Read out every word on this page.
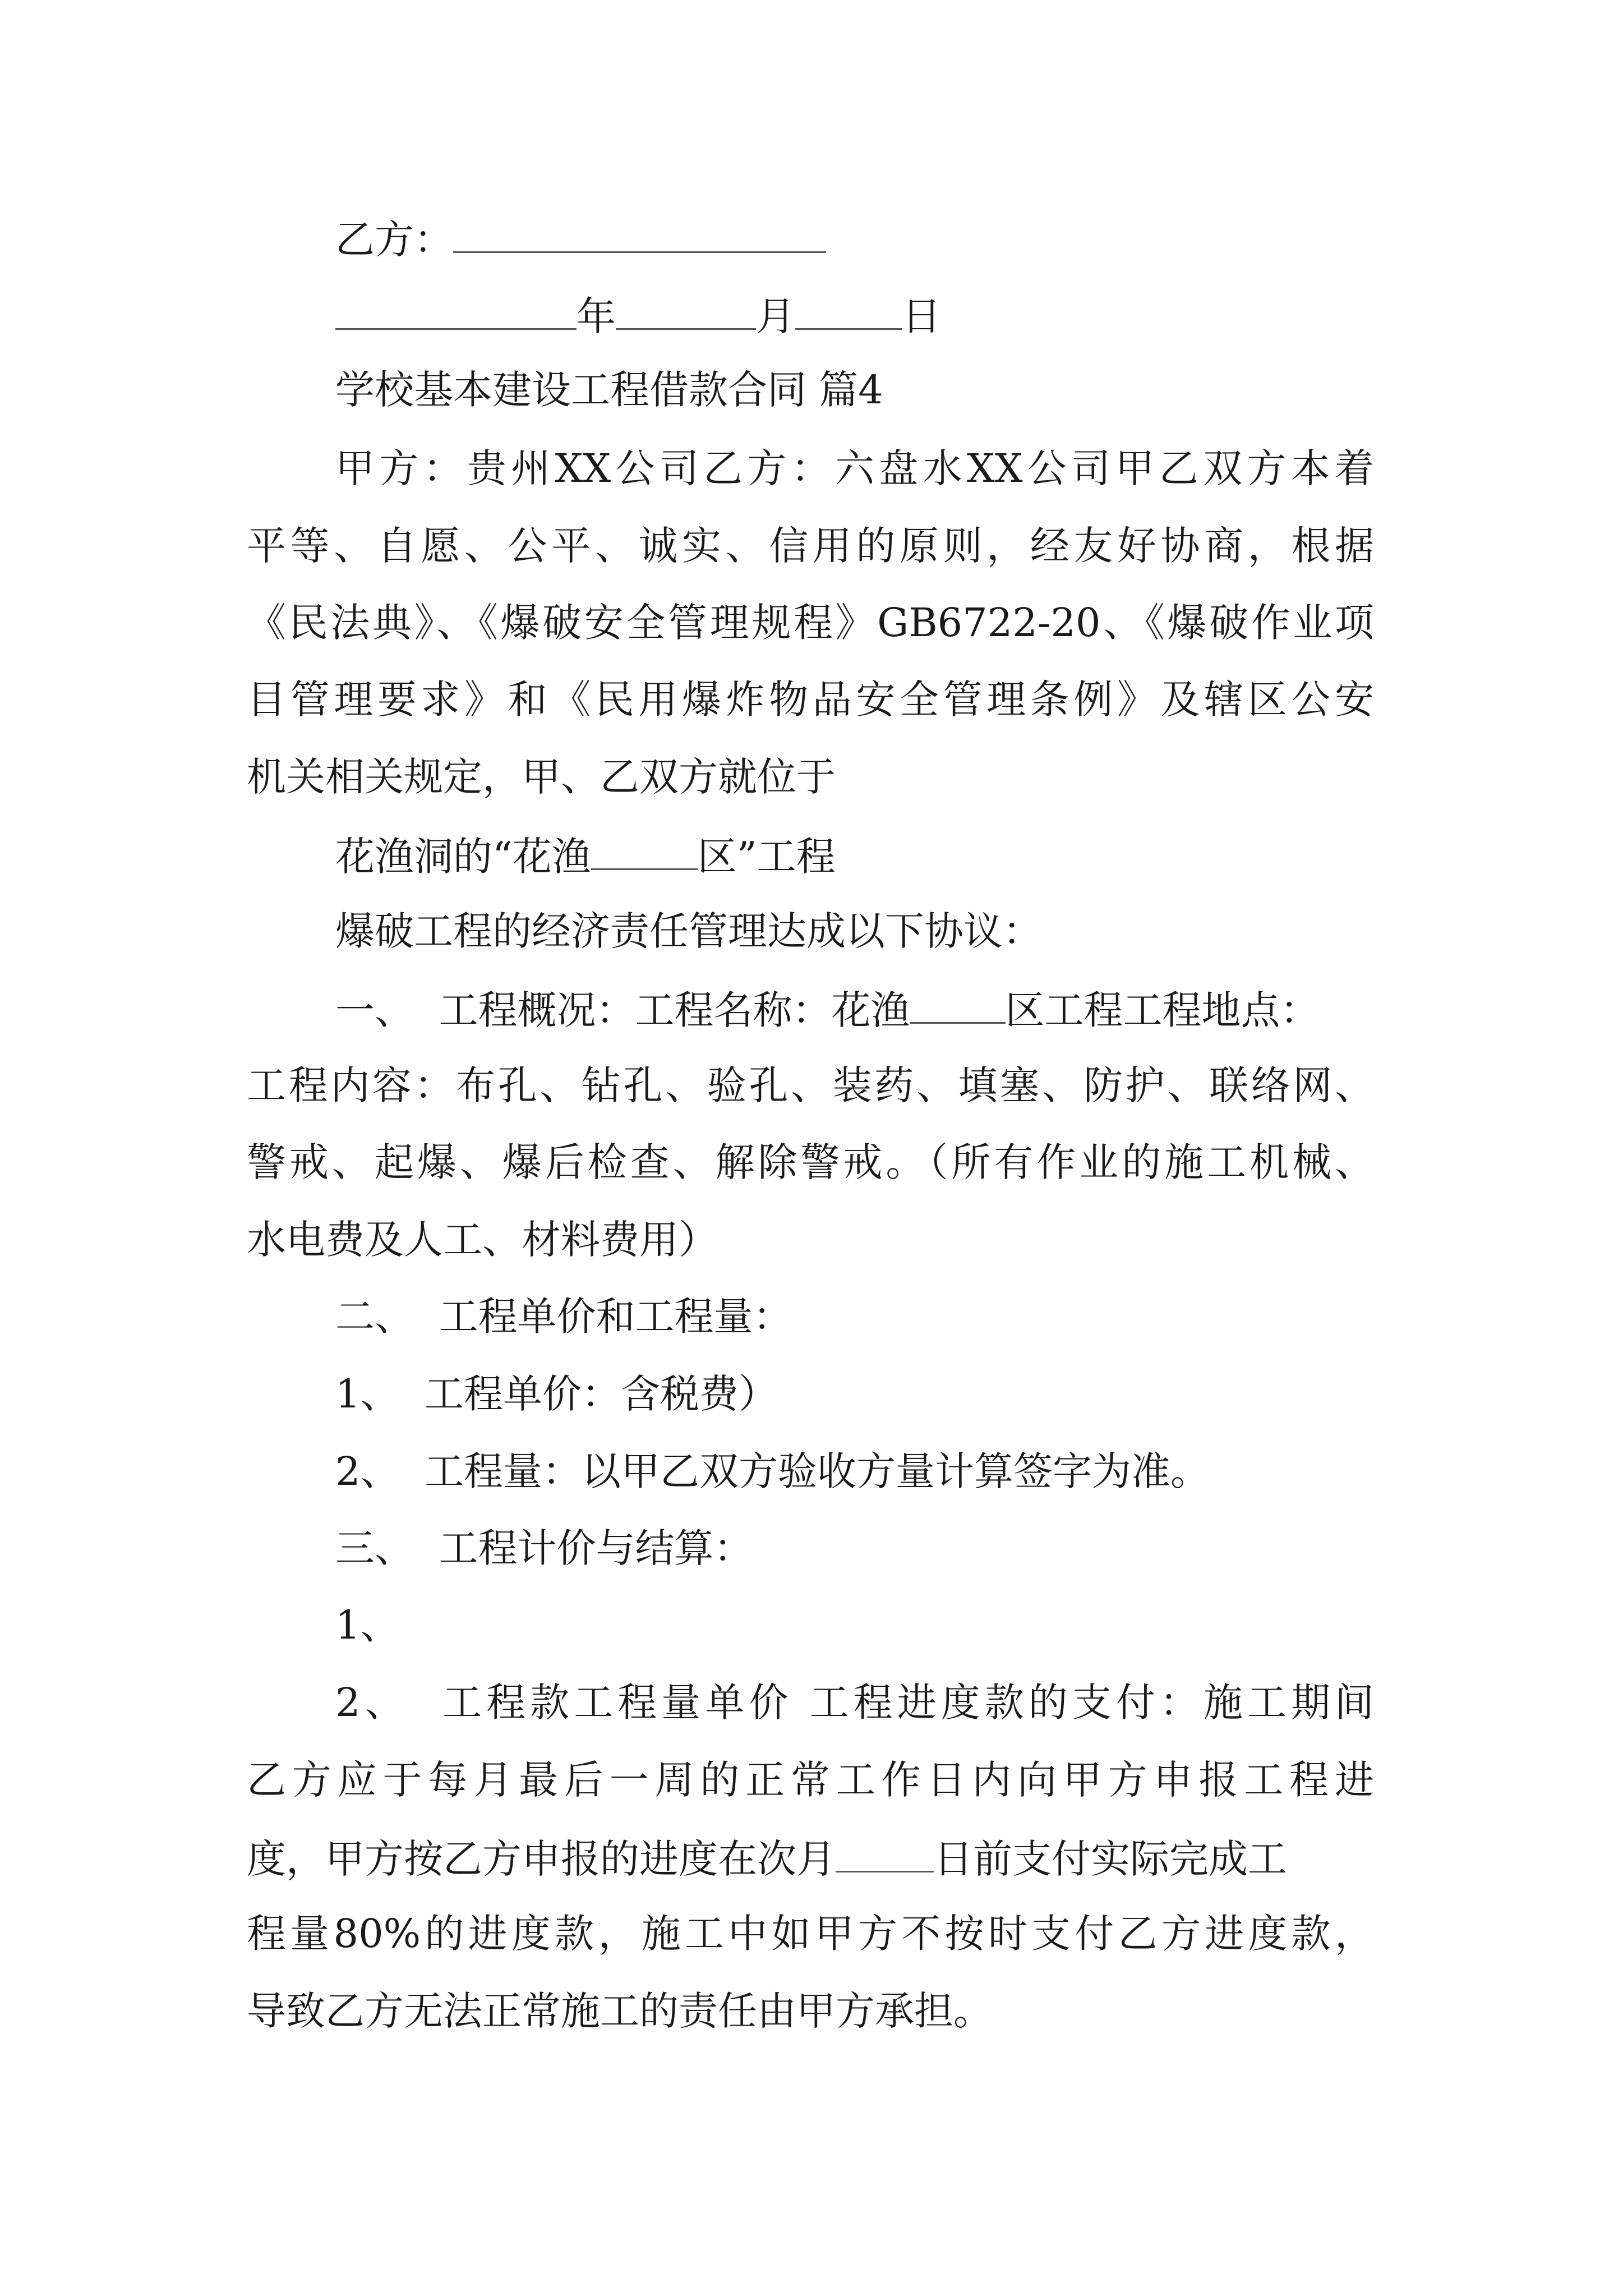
乙方：

年	月	日

学校基本建设工程借款合同 篇4

甲方：贵州XX公司乙方：六盘水XX公司甲乙双方本着

平等、自愿、公平、诚实、信用的原则，经友好协商，根据

《民法典》、《爆破安全管理规程》GB6722-20、《爆破作业项

目管理要求》和《民用爆炸物品安全管理条例》及辖区公安

机关相关规定，甲、乙双方就位于

花渔洞的“花渔	区”工程

爆破工程的经济责任管理达成以下协议：

一、  工程概况：工程名称：花渔 区工程工程地点：

工程内容：布孔、钻孔、验孔、装药、填塞、防护、联络网、

警戒、起爆、爆后检查、解除警戒。（所有作业的施工机械、

水电费及人工、材料费用）

二、  工程单价和工程量：

1、  工程单价：含税费）

2、  工程量：以甲乙双方验收方量计算签字为准。

三、  工程计价与结算：

1、

2、  工程款工程量单价 工程进度款的支付：施工期间

乙方应于每月最后一周的正常工作日内向甲方申报工程进

度，甲方按乙方申报的进度在次月	日前支付实际完成工

程量80%的进度款，施工中如甲方不按时支付乙方进度款，

导致乙方无法正常施工的责任由甲方承担。
